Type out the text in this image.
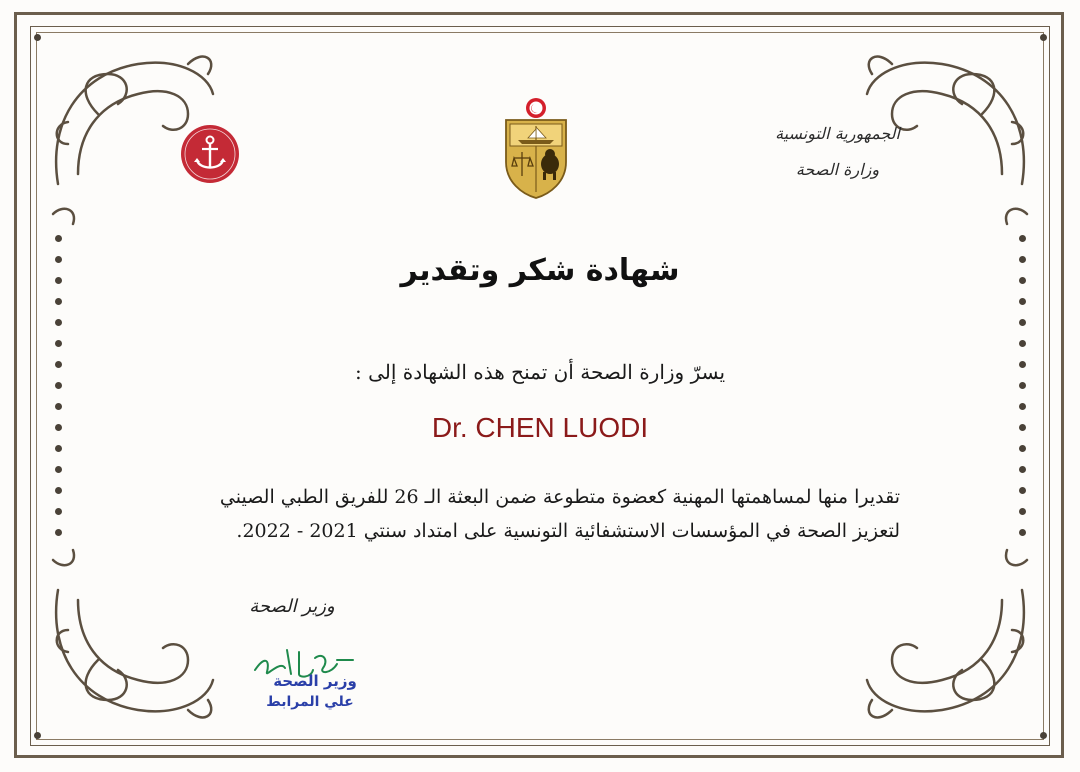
الجمهورية التونسية
وزارة الصحة
شهادة شكر وتقدير
يسرّ وزارة الصحة أن تمنح هذه الشهادة إلى :
Dr. CHEN LUODI
تقديرا منها لمساهمتها المهنية كعضوة متطوعة ضمن البعثة الـ 26 للفريق الطبي الصيني
لتعزيز الصحة في المؤسسات الاستشفائية التونسية على امتداد سنتي 2021 - 2022.
وزير الصحة
وزير الصحة
علي المرابط
